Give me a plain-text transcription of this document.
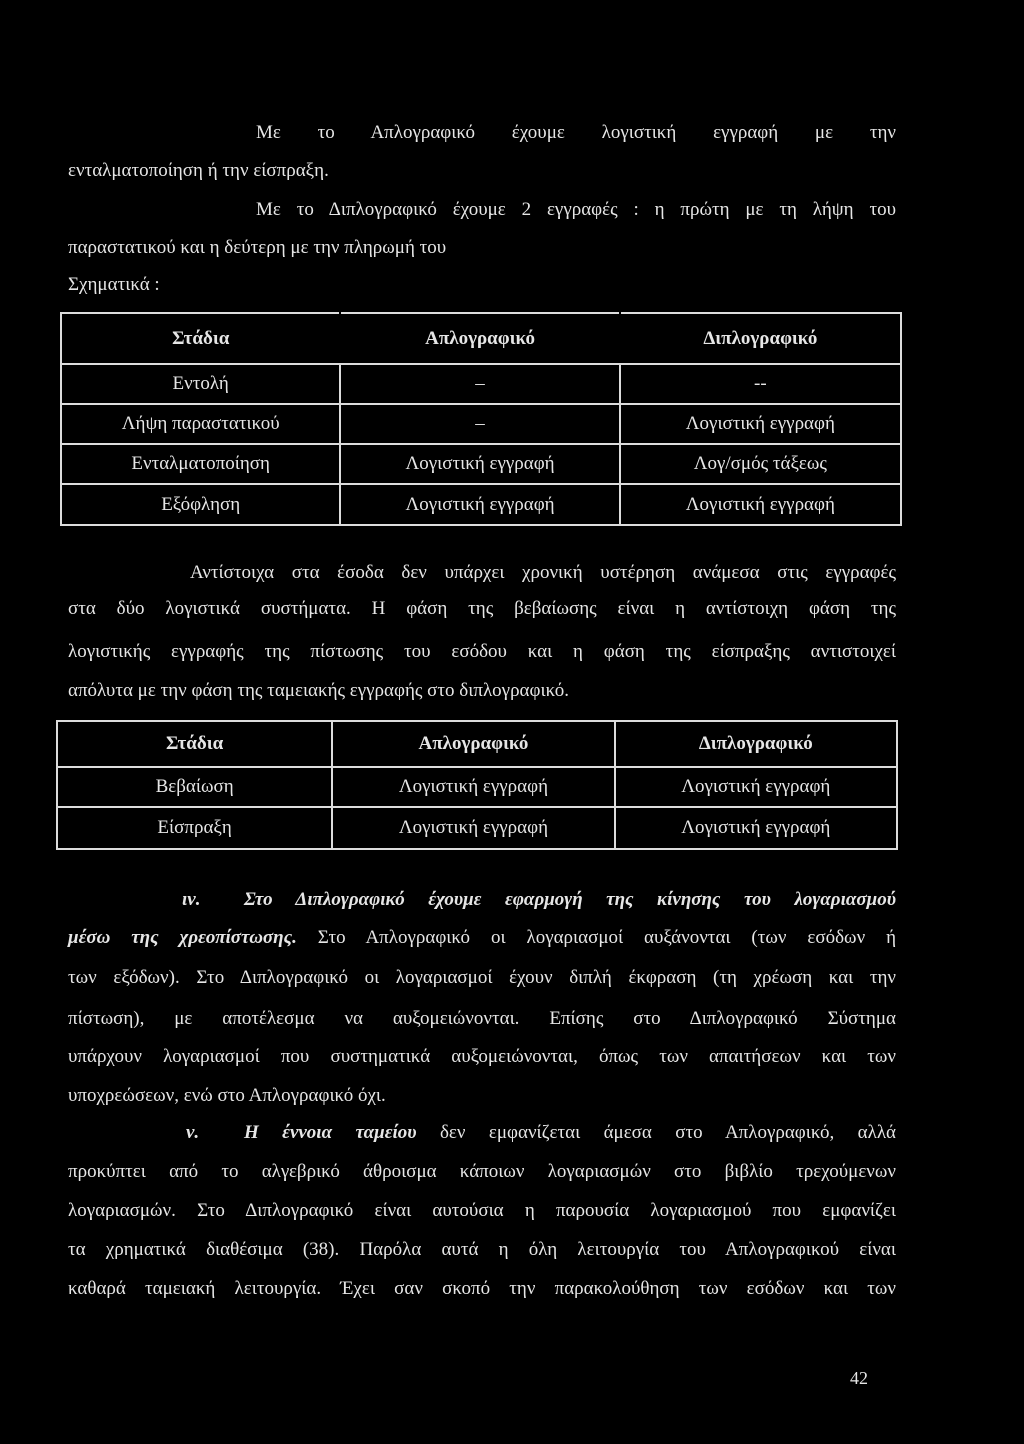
Με το Απλογραφικό έχουμε λογιστική εγγραφή με την
ενταλματοποίηση ή την είσπραξη.
Με το Διπλογραφικό έχουμε 2 εγγραφές : η πρώτη με τη λήψη του
παραστατικού και η δεύτερη με την πληρωμή του
Σχηματικά :
Στάδια	Απλογραφικό	Διπλογραφικό
Εντολή	–	--
Λήψη παραστατικού	–	Λογιστική εγγραφή
Ενταλματοποίηση	Λογιστική εγγραφή	Λογ/σμός τάξεως
Εξόφληση	Λογιστική εγγραφή	Λογιστική εγγραφή
Αντίστοιχα στα έσοδα δεν υπάρχει χρονική υστέρηση ανάμεσα στις εγγραφές
στα δύο λογιστικά συστήματα. Η φάση της βεβαίωσης είναι η αντίστοιχη φάση της
λογιστικής εγγραφής της πίστωσης του εσόδου και η φάση της είσπραξης αντιστοιχεί
απόλυτα με την φάση της ταμειακής εγγραφής στο διπλογραφικό.
Στάδια	Απλογραφικό	Διπλογραφικό
Βεβαίωση	Λογιστική εγγραφή	Λογιστική εγγραφή
Είσπραξη	Λογιστική εγγραφή	Λογιστική εγγραφή
ιν. Στο Διπλογραφικό έχουμε εφαρμογή της κίνησης του λογαριασμού
μέσω της χρεοπίστωσης. Στο Απλογραφικό οι λογαριασμοί αυξάνονται (των εσόδων ή
των εξόδων). Στο Διπλογραφικό οι λογαριασμοί έχουν διπλή έκφραση (τη χρέωση και την
πίστωση), με αποτέλεσμα να αυξομειώνονται. Επίσης στο Διπλογραφικό Σύστημα
υπάρχουν λογαριασμοί που συστηματικά αυξομειώνονται, όπως των απαιτήσεων και των
υποχρεώσεων, ενώ στο Απλογραφικό όχι.
ν. Η έννοια ταμείου δεν εμφανίζεται άμεσα στο Απλογραφικό, αλλά
προκύπτει από το αλγεβρικό άθροισμα κάποιων λογαριασμών στο βιβλίο τρεχούμενων
λογαριασμών. Στο Διπλογραφικό είναι αυτούσια η παρουσία λογαριασμού που εμφανίζει
τα χρηματικά διαθέσιμα (38). Παρόλα αυτά η όλη λειτουργία του Απλογραφικού είναι
καθαρά ταμειακή λειτουργία. Έχει σαν σκοπό την παρακολούθηση των εσόδων και των
42
